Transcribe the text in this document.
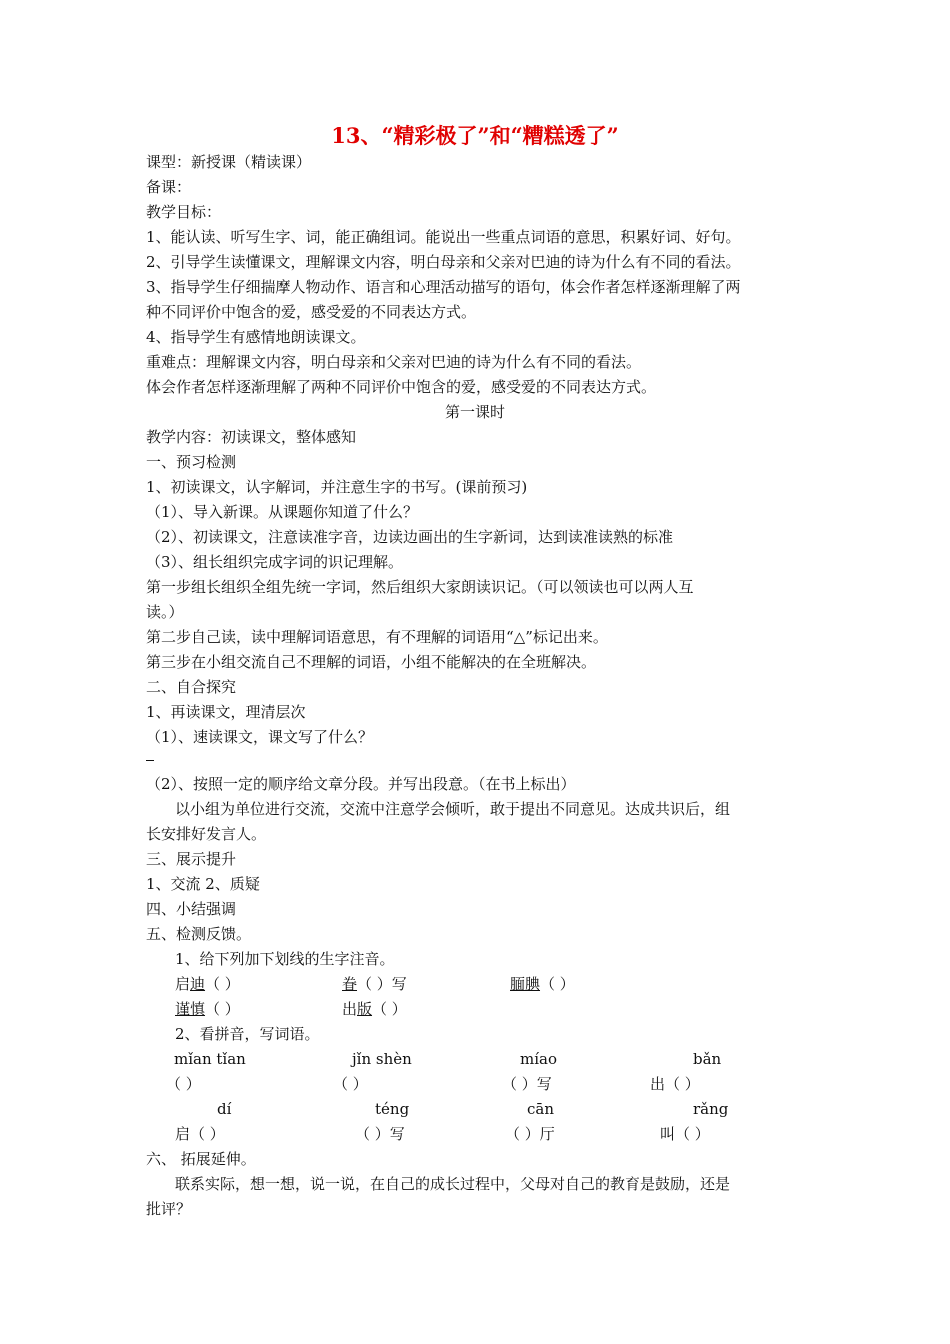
13、“精彩极了”和“糟糕透了”
课型：新授课（精读课）
备课：
教学目标：
1、能认读、听写生字、词，能正确组词。能说出一些重点词语的意思，积累好词、好句。
2、引导学生读懂课文，理解课文内容，明白母亲和父亲对巴迪的诗为什么有不同的看法。
3、指导学生仔细揣摩人物动作、语言和心理活动描写的语句，体会作者怎样逐渐理解了两
种不同评价中饱含的爱，感受爱的不同表达方式。
4、指导学生有感情地朗读课文。
重难点：理解课文内容，明白母亲和父亲对巴迪的诗为什么有不同的看法。
体会作者怎样逐渐理解了两种不同评价中饱含的爱，感受爱的不同表达方式。
第一课时
教学内容：初读课文，整体感知
一、预习检测
1、初读课文，认字解词，并注意生字的书写。(课前预习)
（1）、导入新课。从课题你知道了什么？
（2）、初读课文，注意读准字音，边读边画出的生字新词，达到读准读熟的标准
（3）、组长组织完成字词的识记理解。
第一步组长组织全组先统一字词，然后组织大家朗读识记。（可以领读也可以两人互
读。）
第二步自己读，读中理解词语意思，有不理解的词语用“△”标记出来。
第三步在小组交流自己不理解的词语，小组不能解决的在全班解决。
二、自合探究
1、再读课文，理清层次
（1）、速读课文，课文写了什么？
（2）、按照一定的顺序给文章分段。并写出段意。（在书上标出）
以小组为单位进行交流，交流中注意学会倾听，敢于提出不同意见。达成共识后，组
长安排好发言人。
三、展示提升
1、交流 2、质疑
四、小结强调
五、检测反馈。
1、给下列加下划线的生字注音。
启迪（ ）	眷（ ）写	腼腆（ ）
谨慎（ ）	出版（ ）
2、看拼音，写词语。
mǐan tǐan	jǐn shèn	míao	bǎn
（ ）	（ ）	（ ）写	出（ ）
dí	téng	cān	rǎng
启（ ）	（ ）写	（ ）厅	叫（ ）
六、 拓展延伸。
联系实际，想一想，说一说，在自己的成长过程中，父母对自己的教育是鼓励，还是
批评？
